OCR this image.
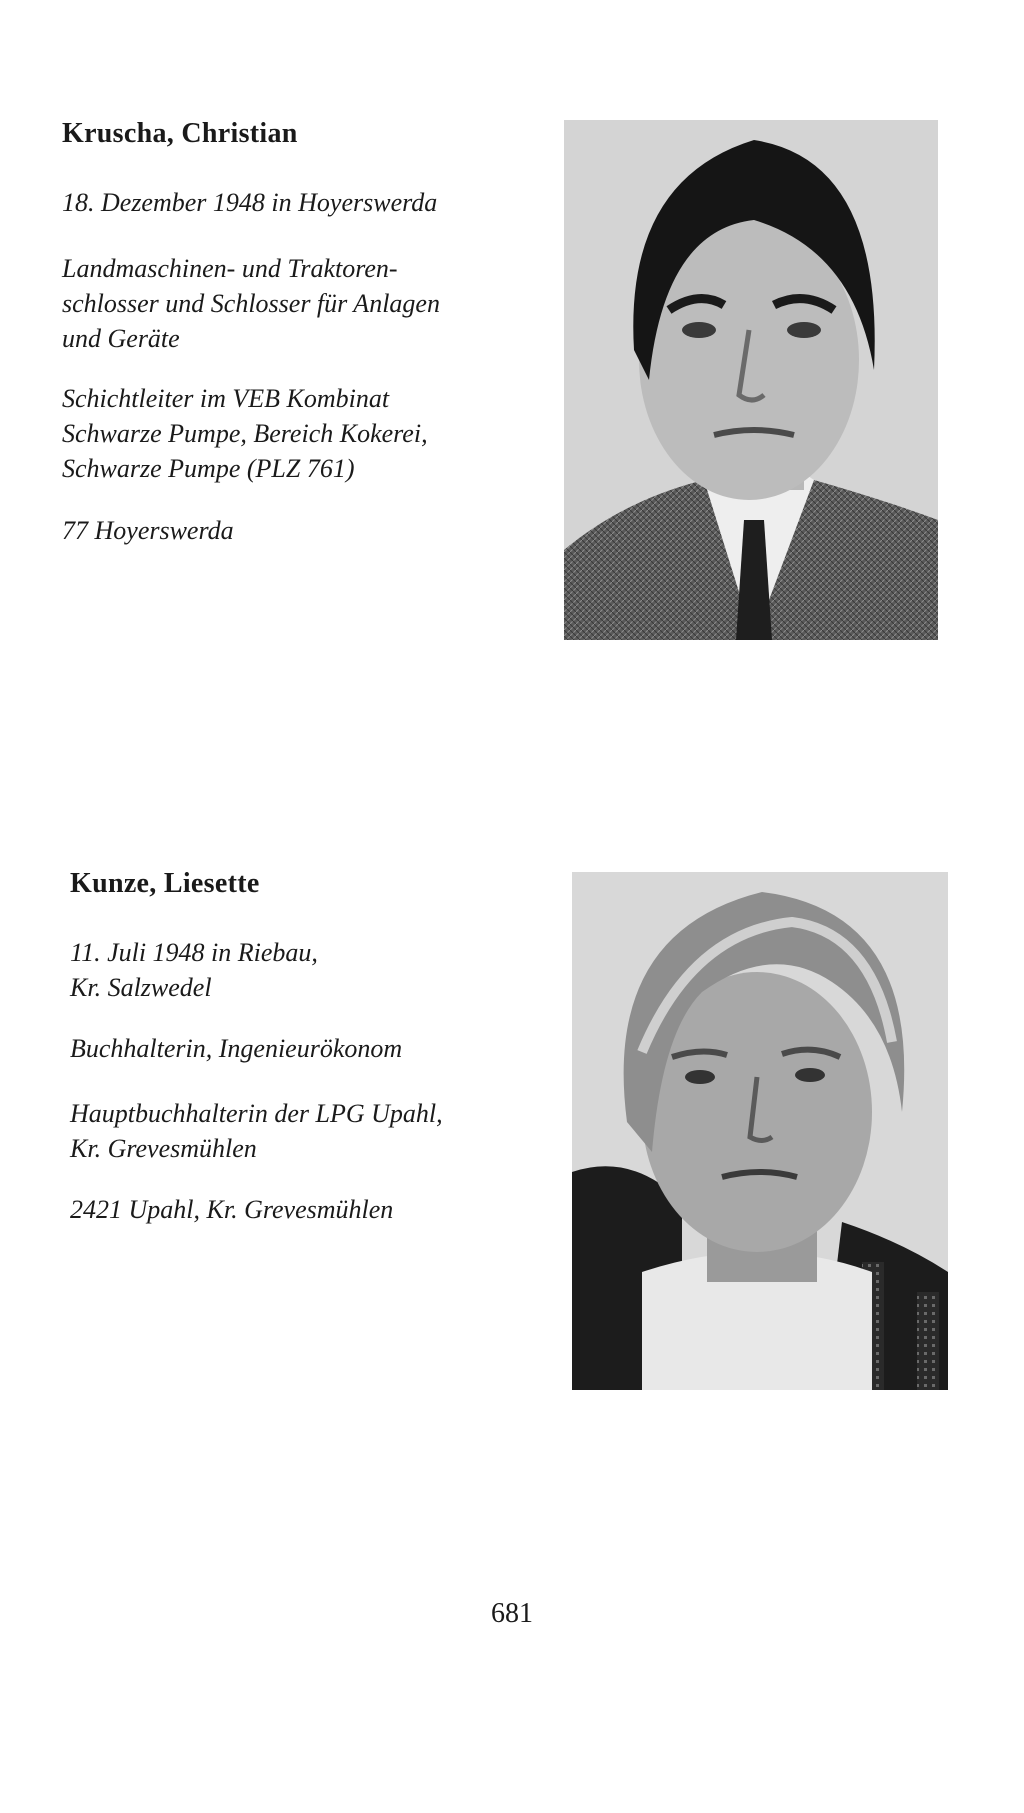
Kruscha, Christian
18. Dezember 1948 in Hoyerswerda
Landmaschinen- und Traktoren-
schlosser und Schlosser für Anlagen
und Geräte
Schichtleiter im VEB Kombinat
Schwarze Pumpe, Bereich Kokerei,
Schwarze Pumpe (PLZ 761)
77 Hoyerswerda
Kunze, Liesette
11. Juli 1948 in Riebau,
Kr. Salzwedel
Buchhalterin, Ingenieurökonom
Hauptbuchhalterin der LPG Upahl,
Kr. Grevesmühlen
2421 Upahl, Kr. Grevesmühlen
681
